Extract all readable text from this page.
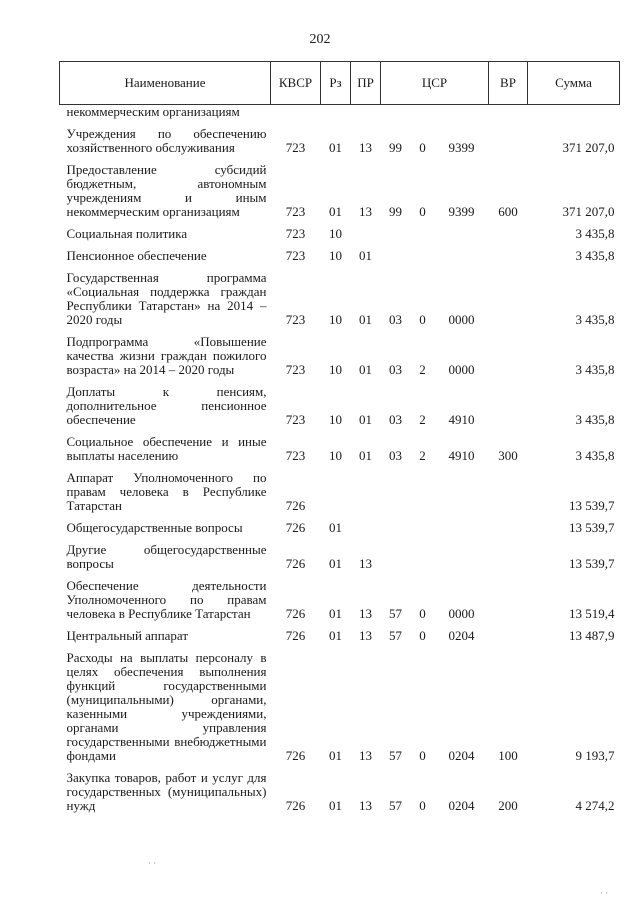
202
Наименование	КВСР	Рз	ПР	ЦСР			ВР	Сумма
некоммерческим организациям								
Учреждения по обеспечению хозяйственного обслуживания	723	01	13	99	0	9399		371 207,0
Предоставление субсидий бюджетным, автономным учреждениям и иным некоммерческим организациям	723	01	13	99	0	9399	600	371 207,0
Социальная политика	723	10						3 435,8
Пенсионное обеспечение	723	10	01					3 435,8
Государственная программа «Социальная поддержка граждан Республики Татарстан» на 2014 – 2020 годы	723	10	01	03	0	0000		3 435,8
Подпрограмма «Повышение качества жизни граждан пожилого возраста» на 2014 – 2020 годы	723	10	01	03	2	0000		3 435,8
Доплаты к пенсиям, дополнительное пенсионное обеспечение	723	10	01	03	2	4910		3 435,8
Социальное обеспечение и иные выплаты населению	723	10	01	03	2	4910	300	3 435,8
Аппарат Уполномоченного по правам человека в Республике Татарстан	726							13 539,7
Общегосударственные вопросы	726	01						13 539,7
Другие общегосударственные вопросы	726	01	13					13 539,7
Обеспечение деятельности Уполномоченного по правам человека в Республике Татарстан	726	01	13	57	0	0000		13 519,4
Центральный аппарат	726	01	13	57	0	0204		13 487,9
Расходы на выплаты персоналу в целях обеспечения выполнения функций государственными (муниципальными) органами, казенными учреждениями, органами управления государственными внебюджетными фондами	726	01	13	57	0	0204	100	9 193,7
Закупка товаров, работ и услуг для государственных (муниципальных) нужд	726	01	13	57	0	0204	200	4 274,2
· ·
· ·
